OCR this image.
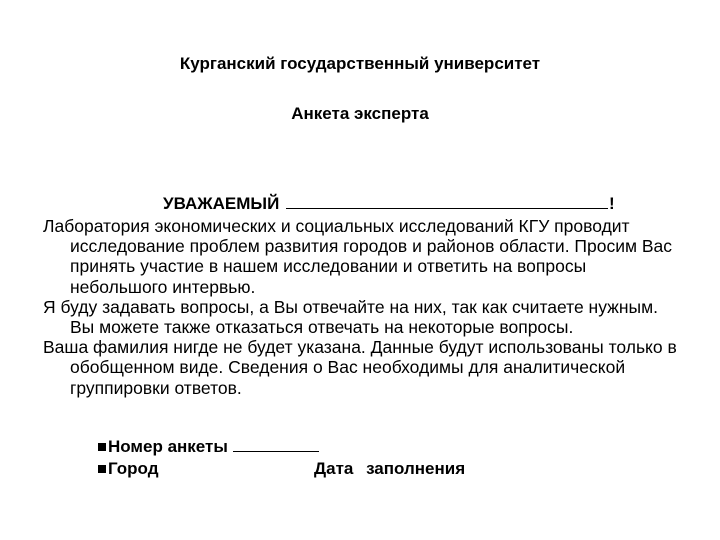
Курганский государственный университет
Анкета эксперта
УВАЖАЕМЫЙ	!

Лаборатория экономических и социальных исследований КГУ проводит исследование проблем развития городов и районов области. Просим Вас принять участие в нашем исследовании и ответить на вопросы небольшого интервью.

Я буду задавать вопросы, а Вы отвечайте на них, так как считаете нужным. Вы можете также отказаться отвечать на некоторые вопросы.

Ваша фамилия нигде не будет указана. Данные будут использованы только в обобщенном виде. Сведения о Вас необходимы для аналитической группировки ответов.

Номер анкеты
Город	Дата заполнения
